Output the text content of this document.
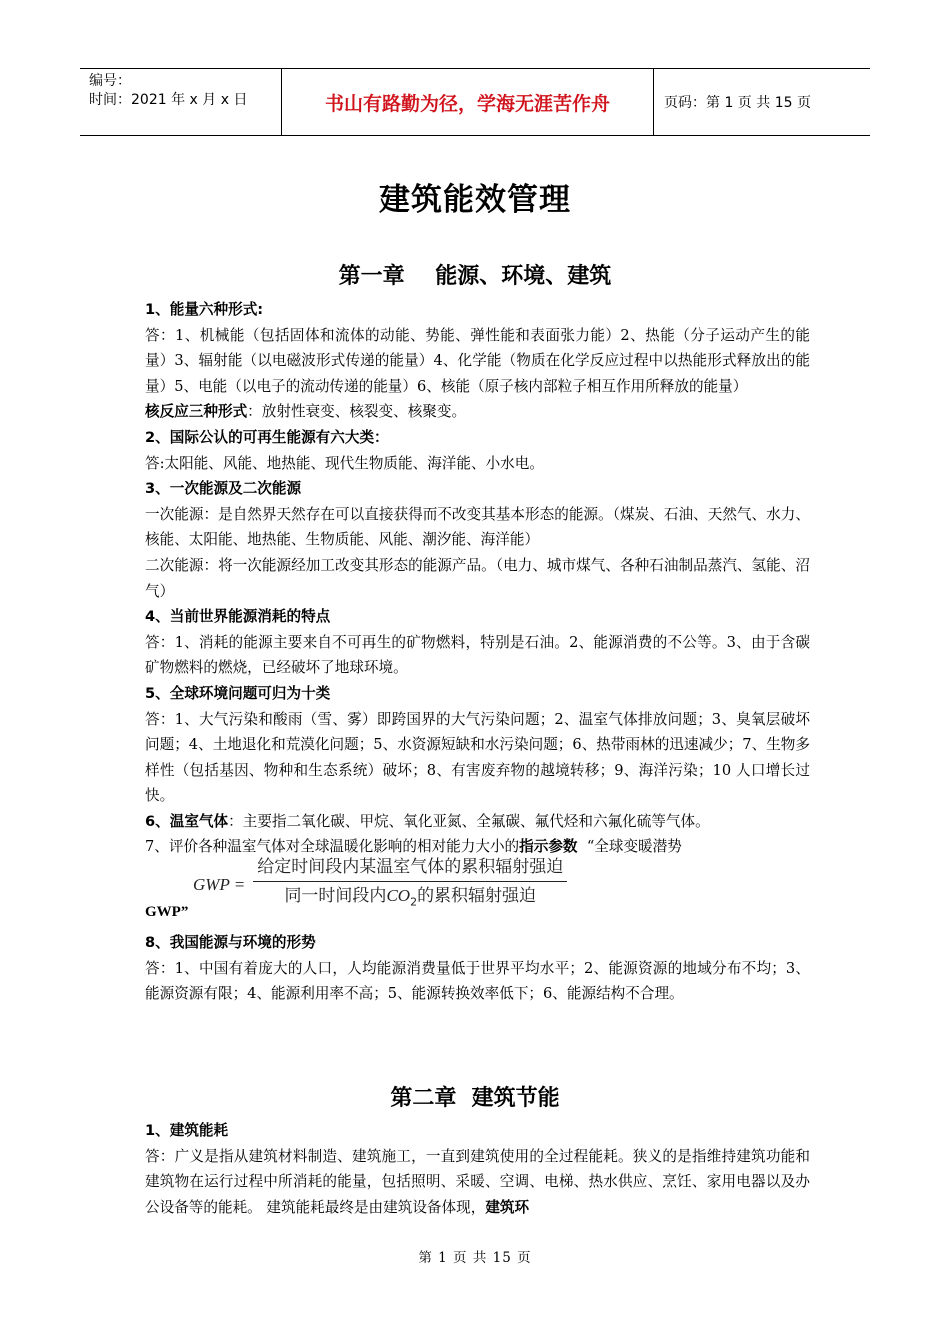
编号：
时间：2021 年 x 月 x 日	书山有路勤为径，学海无涯苦作舟	页码：第 1 页 共 15 页
建筑能效管理
第一章    能源、环境、建筑

1、能量六种形式:

答：1、机械能（包括固体和流体的动能、势能、弹性能和表面张力能）2、热能（分子运动产生的能量）3、辐射能（以电磁波形式传递的能量）4、化学能（物质在化学反应过程中以热能形式释放出的能量）5、电能（以电子的流动传递的能量）6、核能（原子核内部粒子相互作用所释放的能量）

核反应三种形式：放射性衰变、核裂变、核聚变。

2、国际公认的可再生能源有六大类：

答:太阳能、风能、地热能、现代生物质能、海洋能、小水电。

3、一次能源及二次能源

一次能源：是自然界天然存在可以直接获得而不改变其基本形态的能源。（煤炭、石油、天然气、水力、核能、太阳能、地热能、生物质能、风能、潮汐能、海洋能）

二次能源：将一次能源经加工改变其形态的能源产品。（电力、城市煤气、各种石油制品蒸汽、氢能、沼气）

4、当前世界能源消耗的特点

答：1、消耗的能源主要来自不可再生的矿物燃料，特别是石油。2、能源消费的不公等。3、由于含碳矿物燃料的燃烧，已经破坏了地球环境。

5、全球环境问题可归为十类

答：1、大气污染和酸雨（雪、雾）即跨国界的大气污染问题；2、温室气体排放问题；3、臭氧层破坏问题；4、土地退化和荒漠化问题；5、水资源短缺和水污染问题；6、热带雨林的迅速减少；7、生物多样性（包括基因、物种和生态系统）破坏；8、有害废弃物的越境转移；9、海洋污染；10 人口增长过快。

6、温室气体：主要指二氧化碳、甲烷、氧化亚氮、全氟碳、氟代烃和六氟化硫等气体。

7、评价各种温室气体对全球温暖化影响的相对能力大小的指示参数 “全球变暖潜势

GWP”
GWP = $\frac{\text{给定时间段内某温室气体的累积辐射强迫}}{同一时间段内CO_2的累积辐射强迫}$

8、我国能源与环境的形势

答：1、中国有着庞大的人口，人均能源消费量低于世界平均水平；2、能源资源的地域分布不均；3、能源资源有限；4、能源利用率不高；5、能源转换效率低下；6、能源结构不合理。

第二章  建筑节能

1、建筑能耗

答：广义是指从建筑材料制造、建筑施工，一直到建筑使用的全过程能耗。狭义的是指维持建筑功能和建筑物在运行过程中所消耗的能量，包括照明、采暖、空调、电梯、热水供应、烹饪、家用电器以及办公设备等的能耗。 建筑能耗最终是由建筑设备体现，建筑环

第 1 页 共 15 页
